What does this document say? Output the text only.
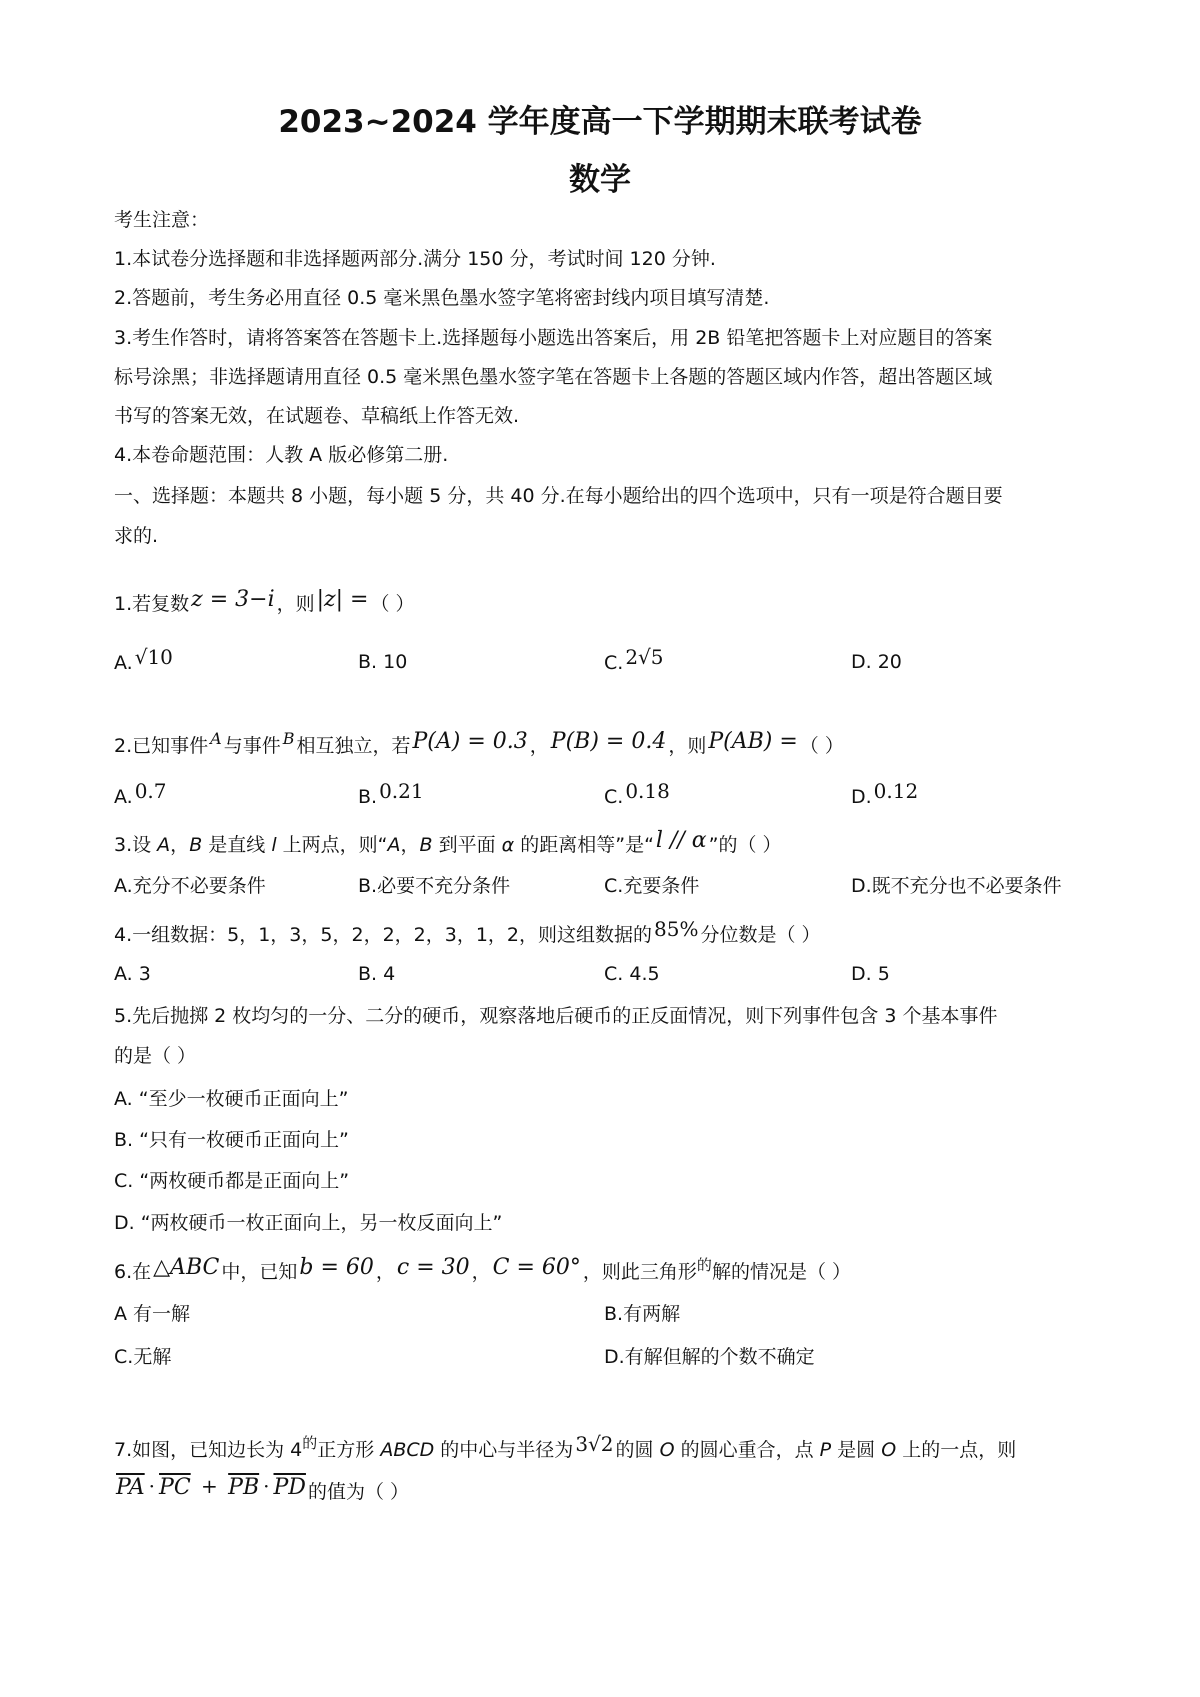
2023~2024 学年度高一下学期期末联考试卷
数学
考生注意：
1.本试卷分选择题和非选择题两部分.满分 150 分，考试时间 120 分钟.
2.答题前，考生务必用直径 0.5 毫米黑色墨水签字笔将密封线内项目填写清楚.
3.考生作答时，请将答案答在答题卡上.选择题每小题选出答案后，用 2B 铅笔把答题卡上对应题目的答案
标号涂黑；非选择题请用直径 0.5 毫米黑色墨水签字笔在答题卡上各题的答题区域内作答，超出答题区域
书写的答案无效，在试题卷、草稿纸上作答无效.
4.本卷命题范围：人教 A 版必修第二册.
一、选择题：本题共 8 小题，每小题 5 分，共 40 分.在每小题给出的四个选项中，只有一项是符合题目要
求的.
1.若复数z = 3−i ，则|z| = （ ）
A. √10	B. 10	C. 2√5	D. 20
2.已知事件 $^A$ 与事件 $^B$ 相互独立，若P(A) = 0.3 ，P(B) = 0.4 ，则P(AB) = （ ）
A. 0.7	B. 0.21	C. 0.18	D. 0.12
3.设 A，B 是直线 l 上两点，则“A，B 到平面 α 的距离相等”是“l // α ”的（ ）
A.充分不必要条件	B.必要不充分条件	C.充要条件	D.既不充分也不必要条件
4.一组数据：5，1，3，5，2，2，2，3，1，2，则这组数据的 85% 分位数是（ ）
A. 3	B. 4	C. 4.5	D. 5
5.先后抛掷 2 枚均匀的一分、二分的硬币，观察落地后硬币的正反面情况，则下列事件包含 3 个基本事件
的是（ ）
A. “至少一枚硬币正面向上”
B. “只有一枚硬币正面向上”
C. “两枚硬币都是正面向上”
D. “两枚硬币一枚正面向上，另一枚反面向上”
6.在△ABC 中，已知b = 60 ，c = 30 ，C = 60° ，则此三角形$^的$解的情况是（ ）
A 有一解	B.有两解
C.无解	D.有解但解的个数不确定
7.如图，已知边长为 $4^的$正方形 ABCD 的中心与半径为 3√2 的圆 O 的圆心重合，点 P 是圆 O 上的一点，则
$\overline{PA} \cdot \overline{PC} + \overline{PB} \cdot \overline{PD}$ 的值为（ ）
